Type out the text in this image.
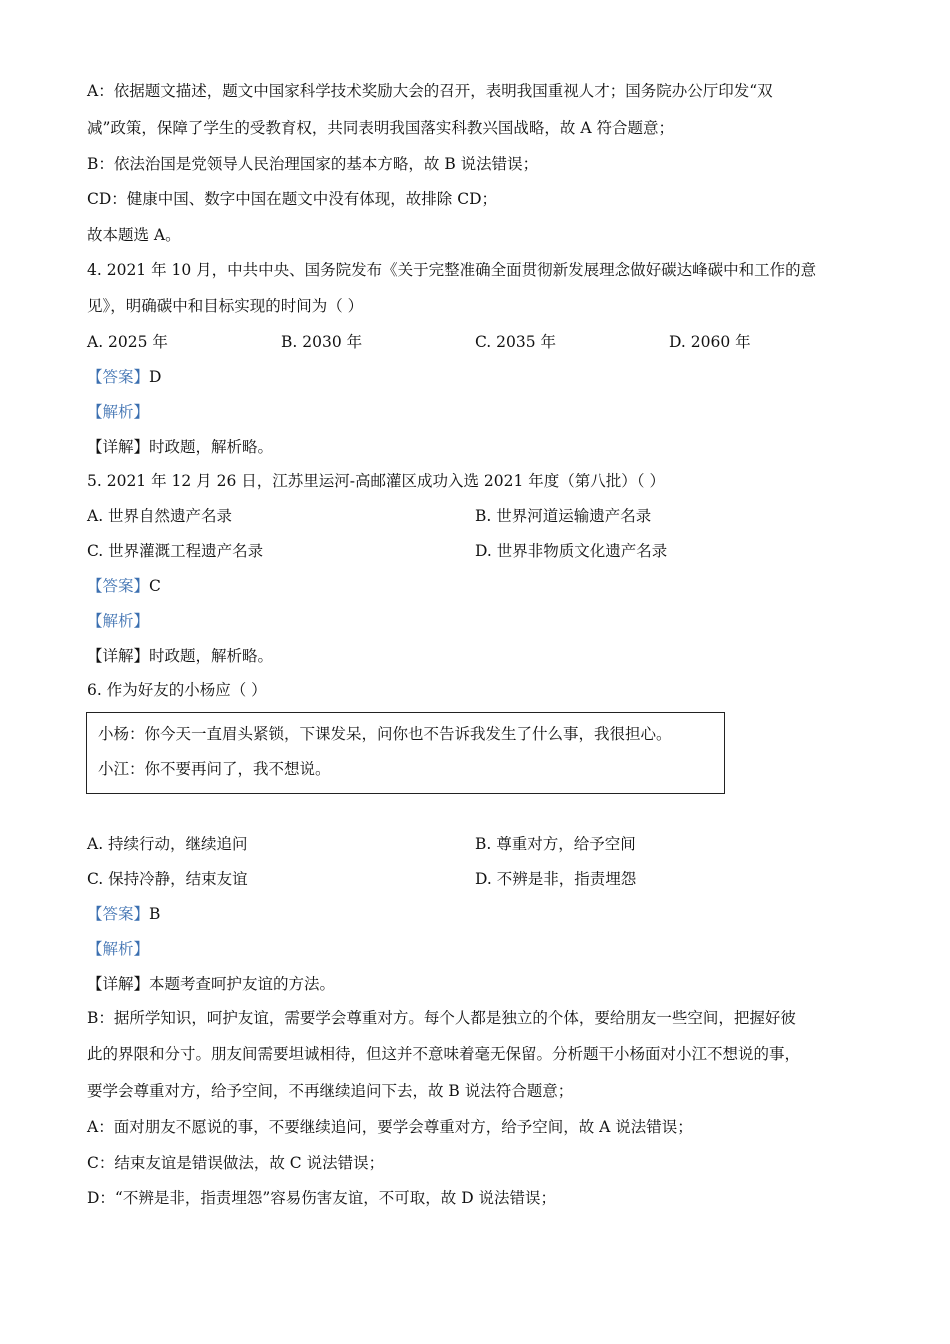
A：依据题文描述，题文中国家科学技术奖励大会的召开，表明我国重视人才；国务院办公厅印发“双
减”政策，保障了学生的受教育权，共同表明我国落实科教兴国战略，故 A 符合题意；
B：依法治国是党领导人民治理国家的基本方略，故 B 说法错误；
CD：健康中国、数字中国在题文中没有体现，故排除 CD；
故本题选 A。
4. 2021 年 10 月，中共中央、国务院发布《关于完整准确全面贯彻新发展理念做好碳达峰碳中和工作的意
见》，明确碳中和目标实现的时间为（ ）
A. 2025 年	B. 2030 年	C. 2035 年	D. 2060 年
【答案】D
【解析】
【详解】时政题，解析略。
5. 2021 年 12 月 26 日，江苏里运河-高邮灌区成功入选 2021 年度（第八批）（ ）
A. 世界自然遗产名录	B. 世界河道运输遗产名录
C. 世界灌溉工程遗产名录	D. 世界非物质文化遗产名录
【答案】C
【解析】
【详解】时政题，解析略。
6. 作为好友的小杨应（ ）
小杨：你今天一直眉头紧锁，下课发呆，问你也不告诉我发生了什么事，我很担心。
小江：你不要再问了，我不想说。
A. 持续行动，继续追问	B. 尊重对方，给予空间
C. 保持冷静，结束友谊	D. 不辨是非，指责埋怨
【答案】B
【解析】
【详解】本题考查呵护友谊的方法。
B：据所学知识，呵护友谊，需要学会尊重对方。每个人都是独立的个体，要给朋友一些空间，把握好彼
此的界限和分寸。朋友间需要坦诚相待，但这并不意味着毫无保留。分析题干小杨面对小江不想说的事，
要学会尊重对方，给予空间，不再继续追问下去，故 B 说法符合题意；
A：面对朋友不愿说的事，不要继续追问，要学会尊重对方，给予空间，故 A 说法错误；
C：结束友谊是错误做法，故 C 说法错误；
D：“不辨是非，指责埋怨”容易伤害友谊，不可取，故 D 说法错误；
